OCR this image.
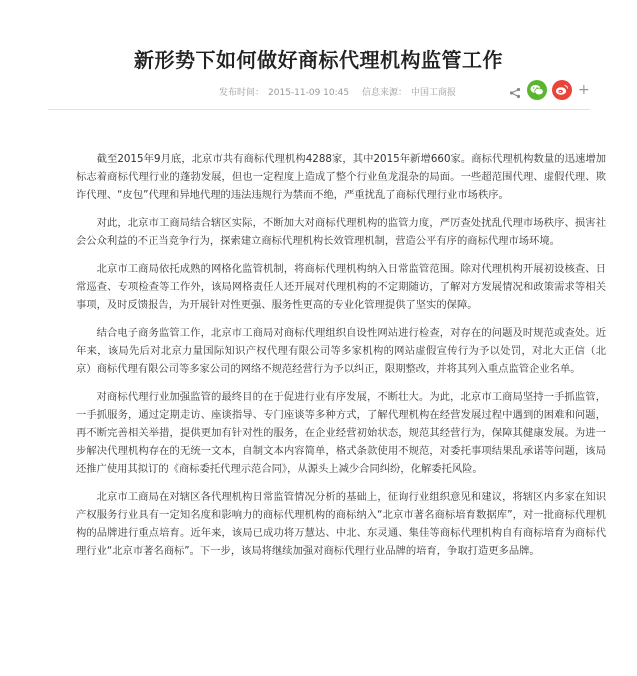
新形势下如何做好商标代理机构监管工作
发布时间： 2015-11-09 10:45 信息来源： 中国工商报	+

截至2015年9月底，北京市共有商标代理机构4288家，其中2015年新增660家。商标代理机构数量的迅速增加标志着商标代理行业的蓬勃发展，但也一定程度上造成了整个行业鱼龙混杂的局面。一些超范围代理、虚假代理、欺诈代理、“皮包”代理和异地代理的违法违规行为禁而不绝，严重扰乱了商标代理行业市场秩序。

对此，北京市工商局结合辖区实际，不断加大对商标代理机构的监管力度，严厉查处扰乱代理市场秩序、损害社会公众利益的不正当竞争行为，探索建立商标代理机构长效管理机制，营造公平有序的商标代理市场环境。

北京市工商局依托成熟的网格化监管机制，将商标代理机构纳入日常监管范围。除对代理机构开展初设核查、日常巡查、专项检查等工作外，该局网格责任人还开展对代理机构的不定期随访，了解对方发展情况和政策需求等相关事项，及时反馈报告，为开展针对性更强、服务性更高的专业化管理提供了坚实的保障。

结合电子商务监管工作，北京市工商局对商标代理组织自设性网站进行检查，对存在的问题及时规范或查处。近年来，该局先后对北京力量国际知识产权代理有限公司等多家机构的网站虚假宣传行为予以处罚，对北大正信（北京）商标代理有限公司等多家公司的网络不规范经营行为予以纠正，限期整改，并将其列入重点监管企业名单。

对商标代理行业加强监管的最终目的在于促进行业有序发展，不断壮大。为此，北京市工商局坚持一手抓监管，一手抓服务，通过定期走访、座谈指导、专门座谈等多种方式，了解代理机构在经营发展过程中遇到的困难和问题，再不断完善相关举措，提供更加有针对性的服务，在企业经营初始状态，规范其经营行为，保障其健康发展。为进一步解决代理机构存在的无统一文本，自制文本内容简单，格式条款使用不规范，对委托事项结果乱承诺等问题，该局还推广使用其拟订的《商标委托代理示范合同》，从源头上减少合同纠纷，化解委托风险。

北京市工商局在对辖区各代理机构日常监管情况分析的基础上，征询行业组织意见和建议，将辖区内多家在知识产权服务行业具有一定知名度和影响力的商标代理机构的商标纳入“北京市著名商标培育数据库”，对一批商标代理机构的品牌进行重点培育。近年来，该局已成功将万慧达、中北、东灵通、集佳等商标代理机构自有商标培育为商标代理行业“北京市著名商标”。下一步，该局将继续加强对商标代理行业品牌的培育，争取打造更多品牌。
